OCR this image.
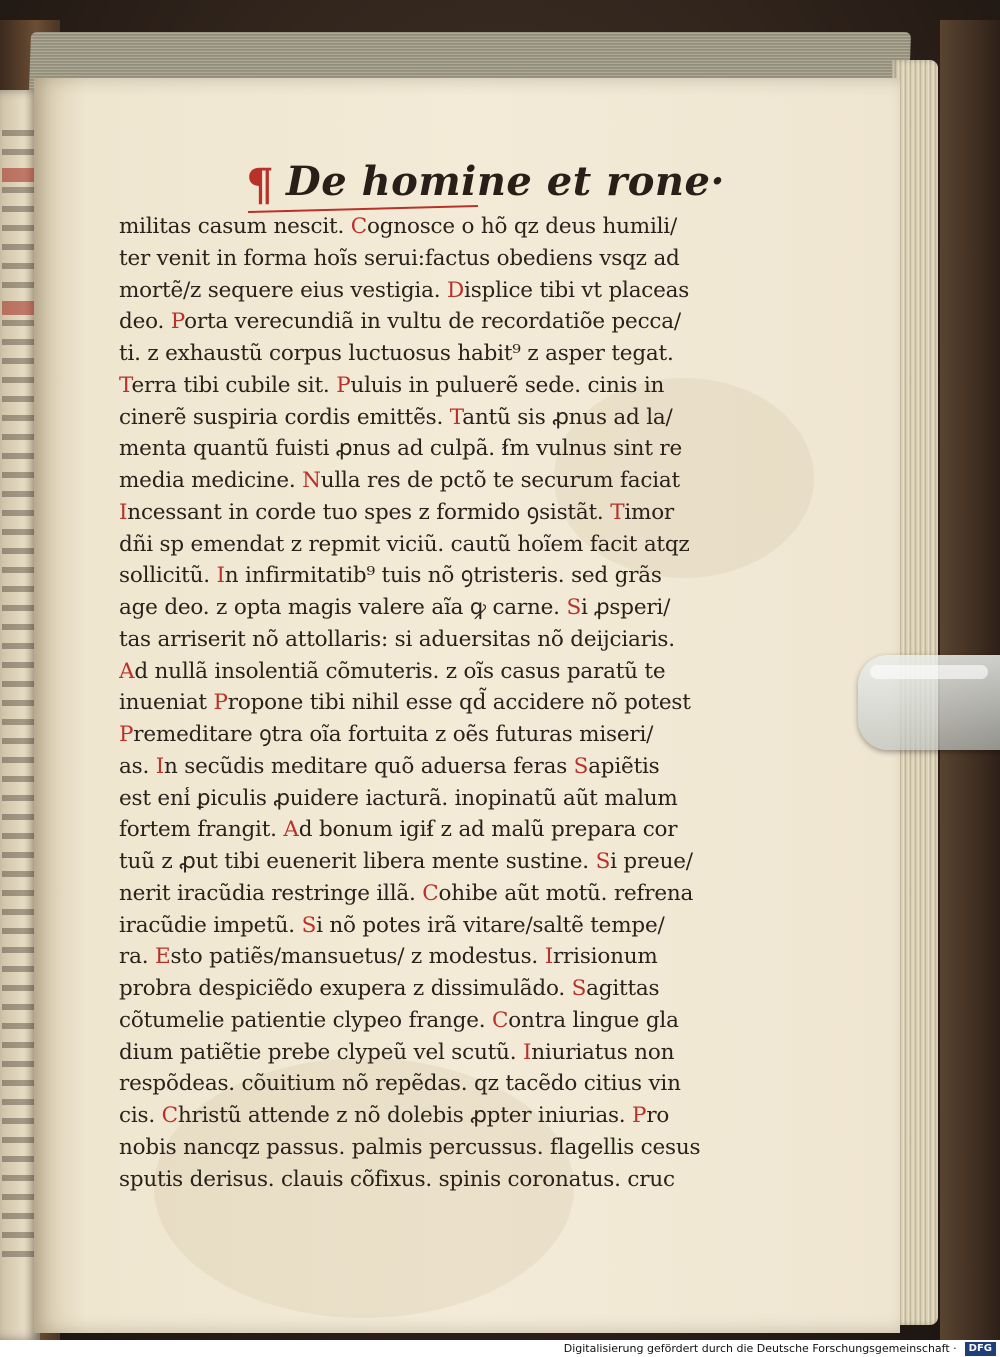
¶ De homine et rone·
militas casum nescit. Cognosce o hõ qz deus humili/
ter venit in forma hoĩs serui:factus obediens vsqz ad
mortẽ/z sequere eius vestigia. Displice tibi vt placeas
deo. Porta verecundiã in vultu de recordatiõe pecca/
ti. z exhaustũ corpus luctuosus habit⁹ z asper tegat.
Terra tibi cubile sit. Puluis in puluerẽ sede. cinis in
cinerẽ suspiria cordis emittẽs. Tantũ sis ꝓnus ad la/
menta quantũ fuisti ꝓnus ad culpã. ẜm vulnus sint re
media medicine. Nulla res de pctõ te securum faciat
Incessant in corde tuo spes z formido ꝯsistãt. Timor
dñi sp emendat z repmit viciũ. cautũ hoĩem facit atqz
sollicitũ. In infirmitatib⁹ tuis nõ ꝯtristeris. sed grãs
age deo. z opta magis valere aĩa ꝙ carne. Si ꝓsperi/
tas arriserit nõ attollaris: si aduersitas nõ deijciaris.
Ad nullã insolentiã cõmuteris. z oĩs casus paratũ te
inueniat Propone tibi nihil esse qd̃ accidere nõ potest
Premeditare ꝯtra oĩa fortuita z oẽs futuras miseri/
as. In secũdis meditare quõ aduersa feras Sapiẽtis
est eni̾ ꝑiculis ꝓuidere iacturã. inopinatũ aũt malum
fortem frangit. Ad bonum igiẜ z ad malũ prepara cor
tuũ z ꝓut tibi euenerit libera mente sustine. Si preue/
nerit iracũdia restringe illã. Cohibe aũt motũ. refrena
iracũdie impetũ. Si nõ potes irã vitare/saltẽ tempe/
ra. Esto patiẽs/mansuetus/ z modestus. Irrisionum
probra despiciẽdo exupera z dissimulãdo. Sagittas
cõtumelie patientie clypeo frange. Contra lingue gla
dium patiẽtie prebe clypeũ vel scutũ. Iniuriatus non
respõdeas. cõuitium nõ repẽdas. qz tacẽdo citius vin
cis. Christũ attende z nõ dolebis ꝓpter iniurias. Pro
nobis nancqz passus. palmis percussus. flagellis cesus
sputis derisus. clauis cõfixus. spinis coronatus. cruc
Digitalisierung gefördert durch die Deutsche Forschungsgemeinschaft ·	DFG
